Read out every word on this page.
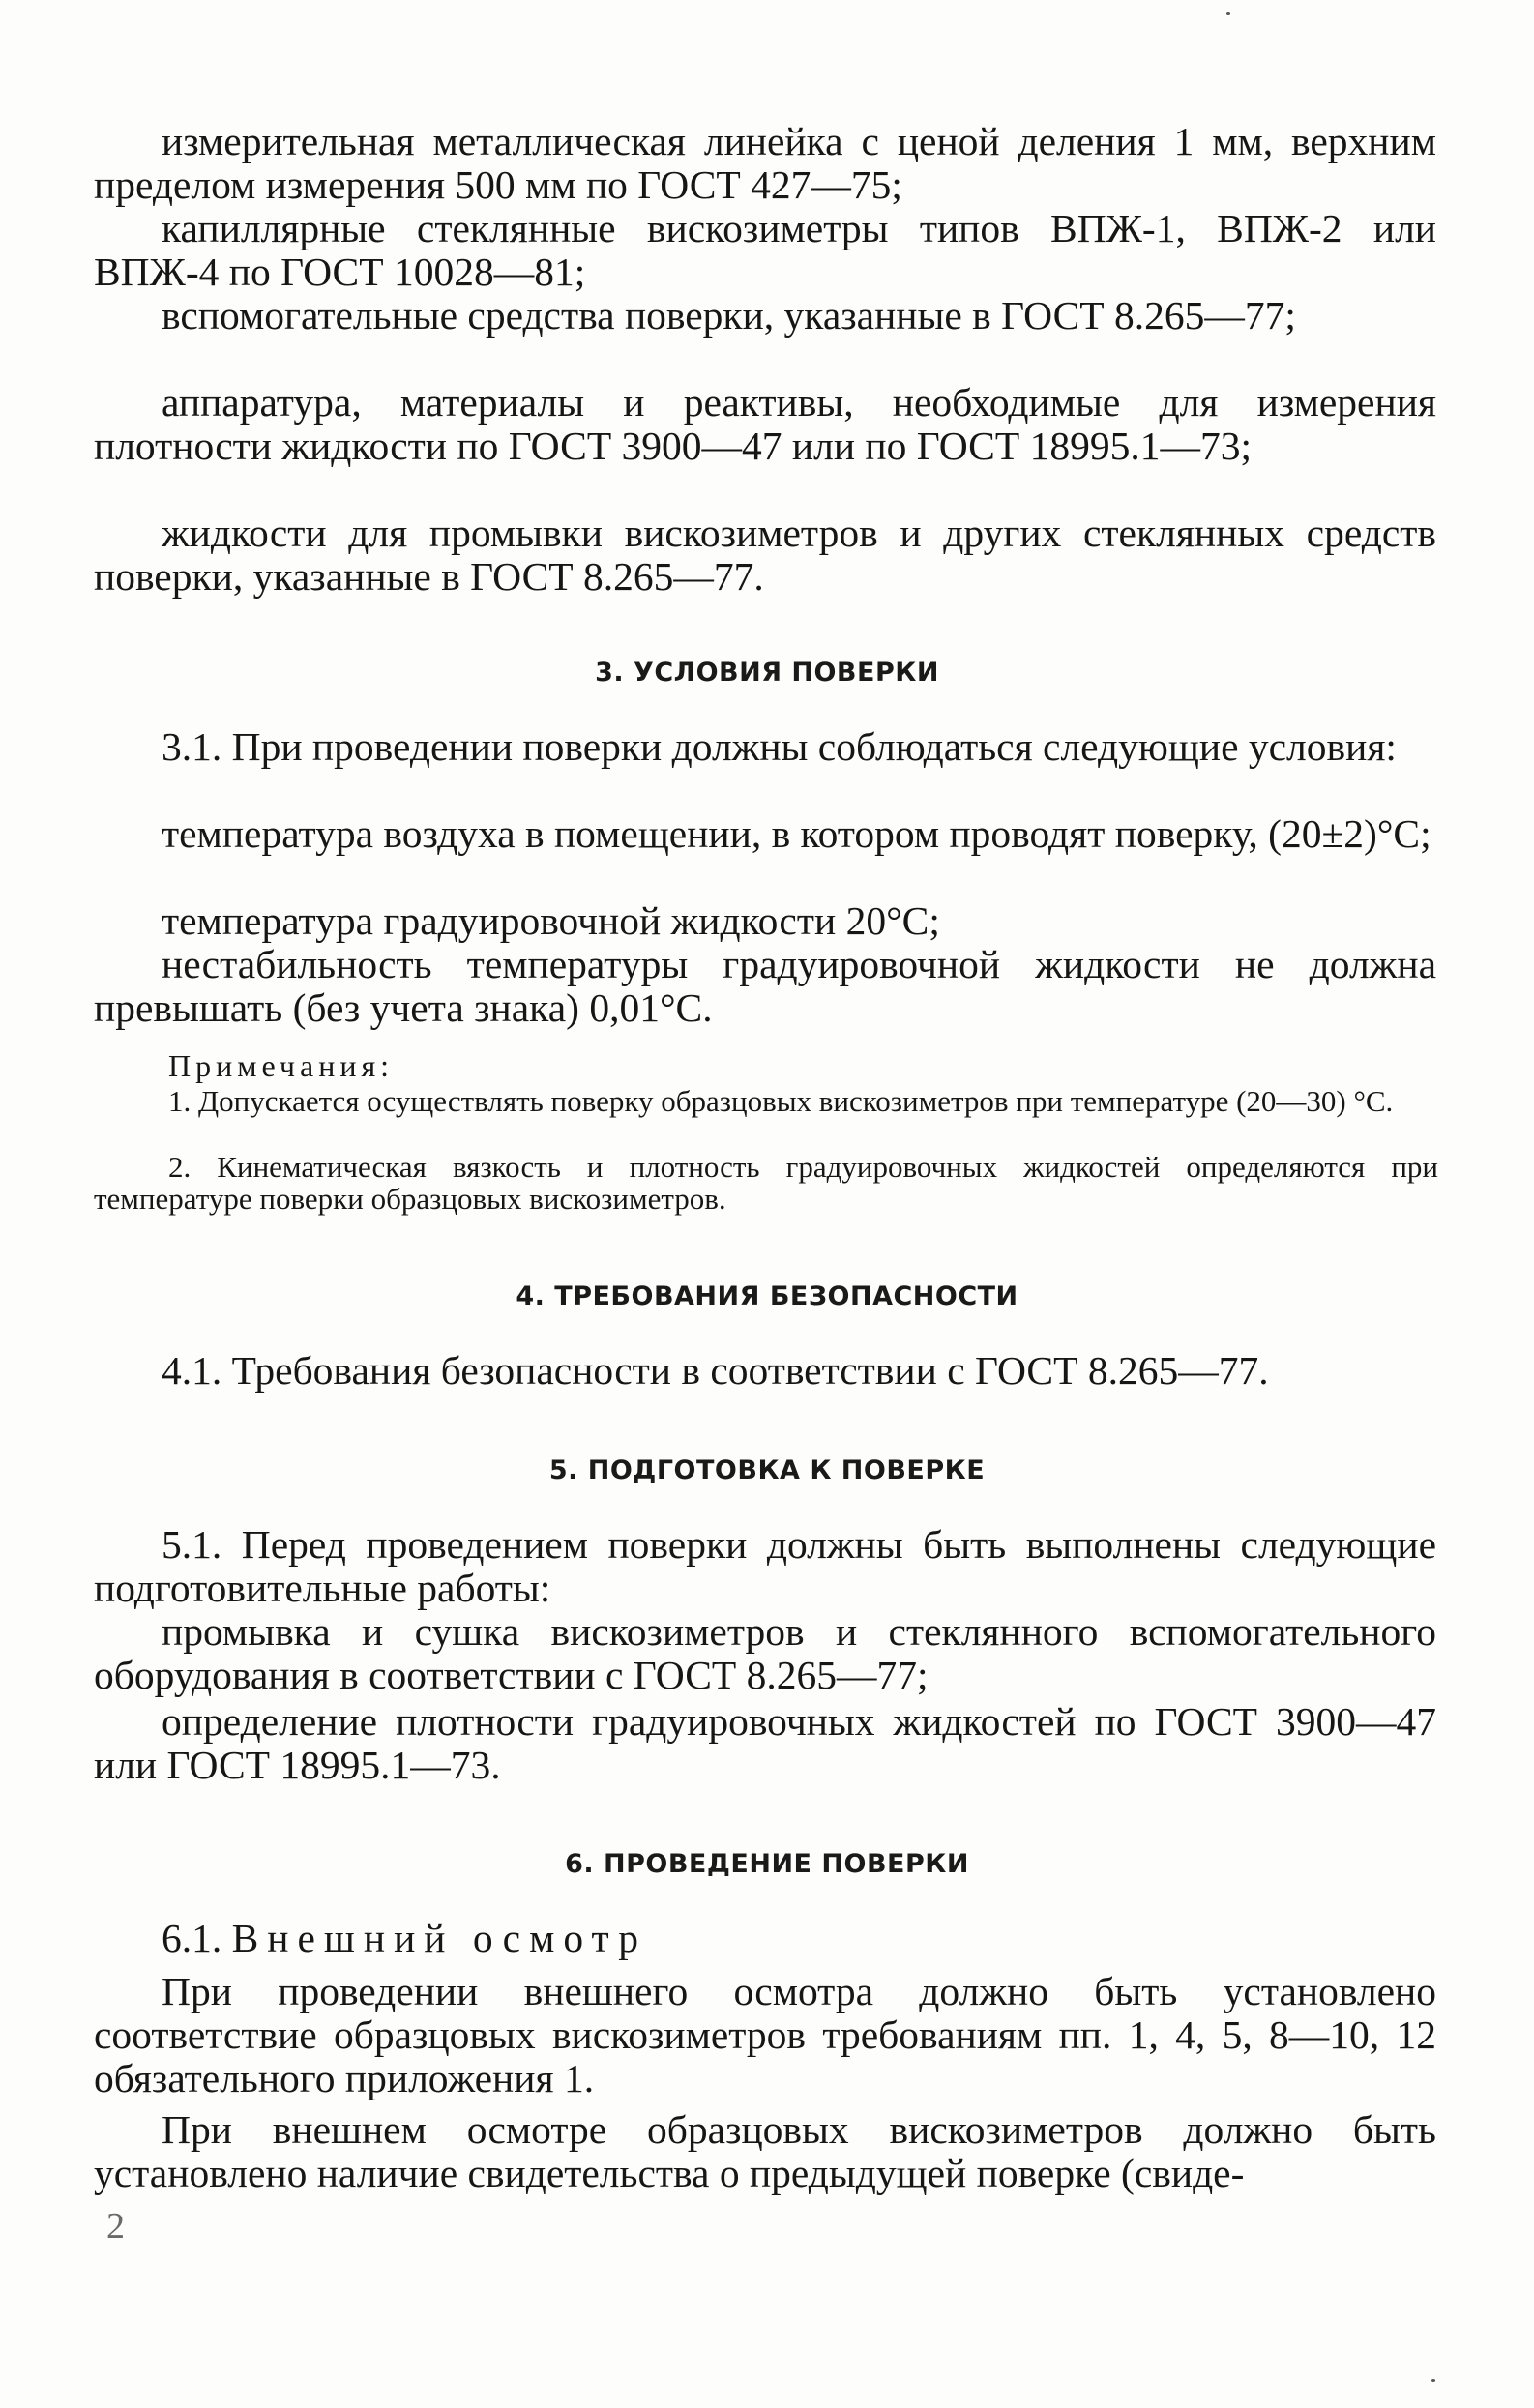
измерительная металлическая линейка с ценой деления 1 мм, верхним пределом измерения 500 мм по ГОСТ 427—75;

капиллярные стеклянные вискозиметры типов ВПЖ-1, ВПЖ-2 или ВПЖ-4 по ГОСТ 10028—81;

вспомогательные средства поверки, указанные в ГОСТ 8.265—77;

аппаратура, материалы и реактивы, необходимые для измерения плотности жидкости по ГОСТ 3900—47 или по ГОСТ 18995.1—73;

жидкости для промывки вискозиметров и других стеклянных средств поверки, указанные в ГОСТ 8.265—77.

3. УСЛОВИЯ ПОВЕРКИ

3.1. При проведении поверки должны соблюдаться следующие условия:

температура воздуха в помещении, в котором проводят поверку, (20±2)°С;

температура градуировочной жидкости 20°С;

нестабильность температуры градуировочной жидкости не должна превышать (без учета знака) 0,01°С.

Примечания:

1. Допускается осуществлять поверку образцовых вискозиметров при температуре (20—30) °С.

2. Кинематическая вязкость и плотность градуировочных жидкостей определяются при температуре поверки образцовых вискозиметров.

4. ТРЕБОВАНИЯ БЕЗОПАСНОСТИ

4.1. Требования безопасности в соответствии с ГОСТ 8.265—77.

5. ПОДГОТОВКА К ПОВЕРКЕ

5.1. Перед проведением поверки должны быть выполнены следующие подготовительные работы:

промывка и сушка вискозиметров и стеклянного вспомогательного оборудования в соответствии с ГОСТ 8.265—77;

определение плотности градуировочных жидкостей по ГОСТ 3900—47 или ГОСТ 18995.1—73.

6. ПРОВЕДЕНИЕ ПОВЕРКИ

6.1. Внешний осмотр

При проведении внешнего осмотра должно быть установлено соответствие образцовых вискозиметров требованиям пп. 1, 4, 5, 8—10, 12 обязательного приложения 1.

При внешнем осмотре образцовых вискозиметров должно быть установлено наличие свидетельства о предыдущей поверке (свиде-

2
